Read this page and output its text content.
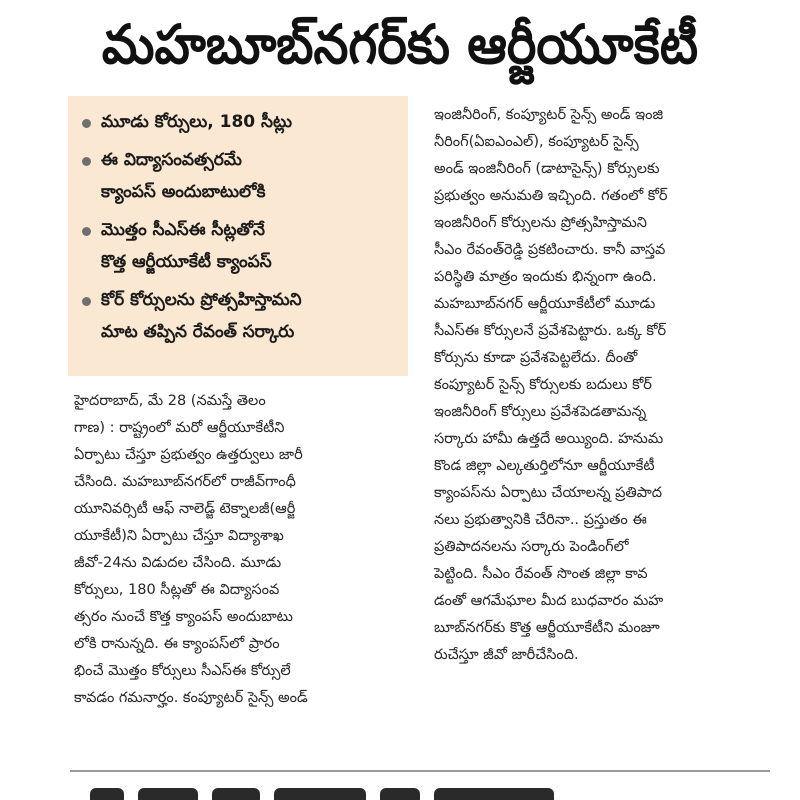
మహబూబ్‌నగర్‌కు ఆర్జీయూకేటీ
మూడు కోర్సులు, 180 సీట్లు
ఈ విద్యాసంవత్సరమే
క్యాంపస్‌ అందుబాటులోకి
మొత్తం సీఎస్‌ఈ సీట్లతోనే
కొత్త ఆర్జీయూకేటీ క్యాంపస్‌
కోర్‌ కోర్సులను ప్రోత్సహిస్తామని
మాట తప్పిన రేవంత్‌ సర్కారు
హైదరాబాద్‌, మే 28 (నమస్తే తెలం
గాణ) : రాష్ట్రంలో మరో ఆర్జీయూకేటీని
ఏర్పాటు చేస్తూ ప్రభుత్వం ఉత్తర్వులు జారీ
చేసింది. మహబూబ్‌నగర్‌లో రాజీవ్‌గాంధీ
యూనివర్సిటీ ఆఫ్‌ నాలెడ్జ్‌ టెక్నాలజీ(ఆర్జీ
యూకేటీ)ని ఏర్పాటు చేస్తూ విద్యాశాఖ
జీవో-24ను విడుదల చేసింది. మూడు
కోర్సులు, 180 సీట్లతో ఈ విద్యాసంవ
త్సరం నుంచే కొత్త క్యాంపస్‌ అందుబాటు
లోకి రానున్నది. ఈ క్యాంపస్‌లో ప్రారం
భించే మొత్తం కోర్సులు సీఎస్‌ఈ కోర్సులే
కావడం గమనార్హం. కంప్యూటర్‌ సైన్స్‌ అండ్‌
ఇంజినీరింగ్‌, కంప్యూటర్‌ సైన్స్‌ అండ్‌ ఇంజి
నీరింగ్‌(ఏఐఎంఎల్‌), కంప్యూటర్‌ సైన్స్‌
అండ్‌ ఇంజినీరింగ్‌ (డాటాసైన్స్‌) కోర్సులకు
ప్రభుత్వం అనుమతి ఇచ్చింది. గతంలో కోర్‌
ఇంజినీరింగ్‌ కోర్సులను ప్రోత్సహిస్తామని
సీఎం రేవంత్‌రెడ్డి ప్రకటించారు. కానీ వాస్తవ
పరిస్థితి మాత్రం ఇందుకు భిన్నంగా ఉంది.
మహబూబ్‌నగర్‌ ఆర్జీయూకేటీలో మూడు
సీఎస్‌ఈ కోర్సులనే ప్రవేశపెట్టారు. ఒక్క కోర్‌
కోర్సును కూడా ప్రవేశపెట్టలేదు. దీంతో
కంప్యూటర్‌ సైన్స్‌ కోర్సులకు బదులు కోర్‌
ఇంజినీరింగ్‌ కోర్సులు ప్రవేశపెడతామన్న
సర్కారు హామీ ఉత్తదే అయ్యింది. హనుమ
కొండ జిల్లా ఎల్కతుర్తిలోనూ ఆర్జీయూకేటీ
క్యాంపస్‌ను ఏర్పాటు చేయాలన్న ప్రతిపాద
నలు ప్రభుత్వానికి చేరినా.. ప్రస్తుతం ఈ
ప్రతిపాదనలను సర్కారు పెండింగ్‌లో
పెట్టింది. సీఎం రేవంత్‌ సొంత జిల్లా కావ
డంతో ఆగమేఘాల మీద బుధవారం మహ
బూబ్‌నగర్‌కు కొత్త ఆర్జీయూకేటీని మంజూ
రుచేస్తూ జీవో జారీచేసింది.
